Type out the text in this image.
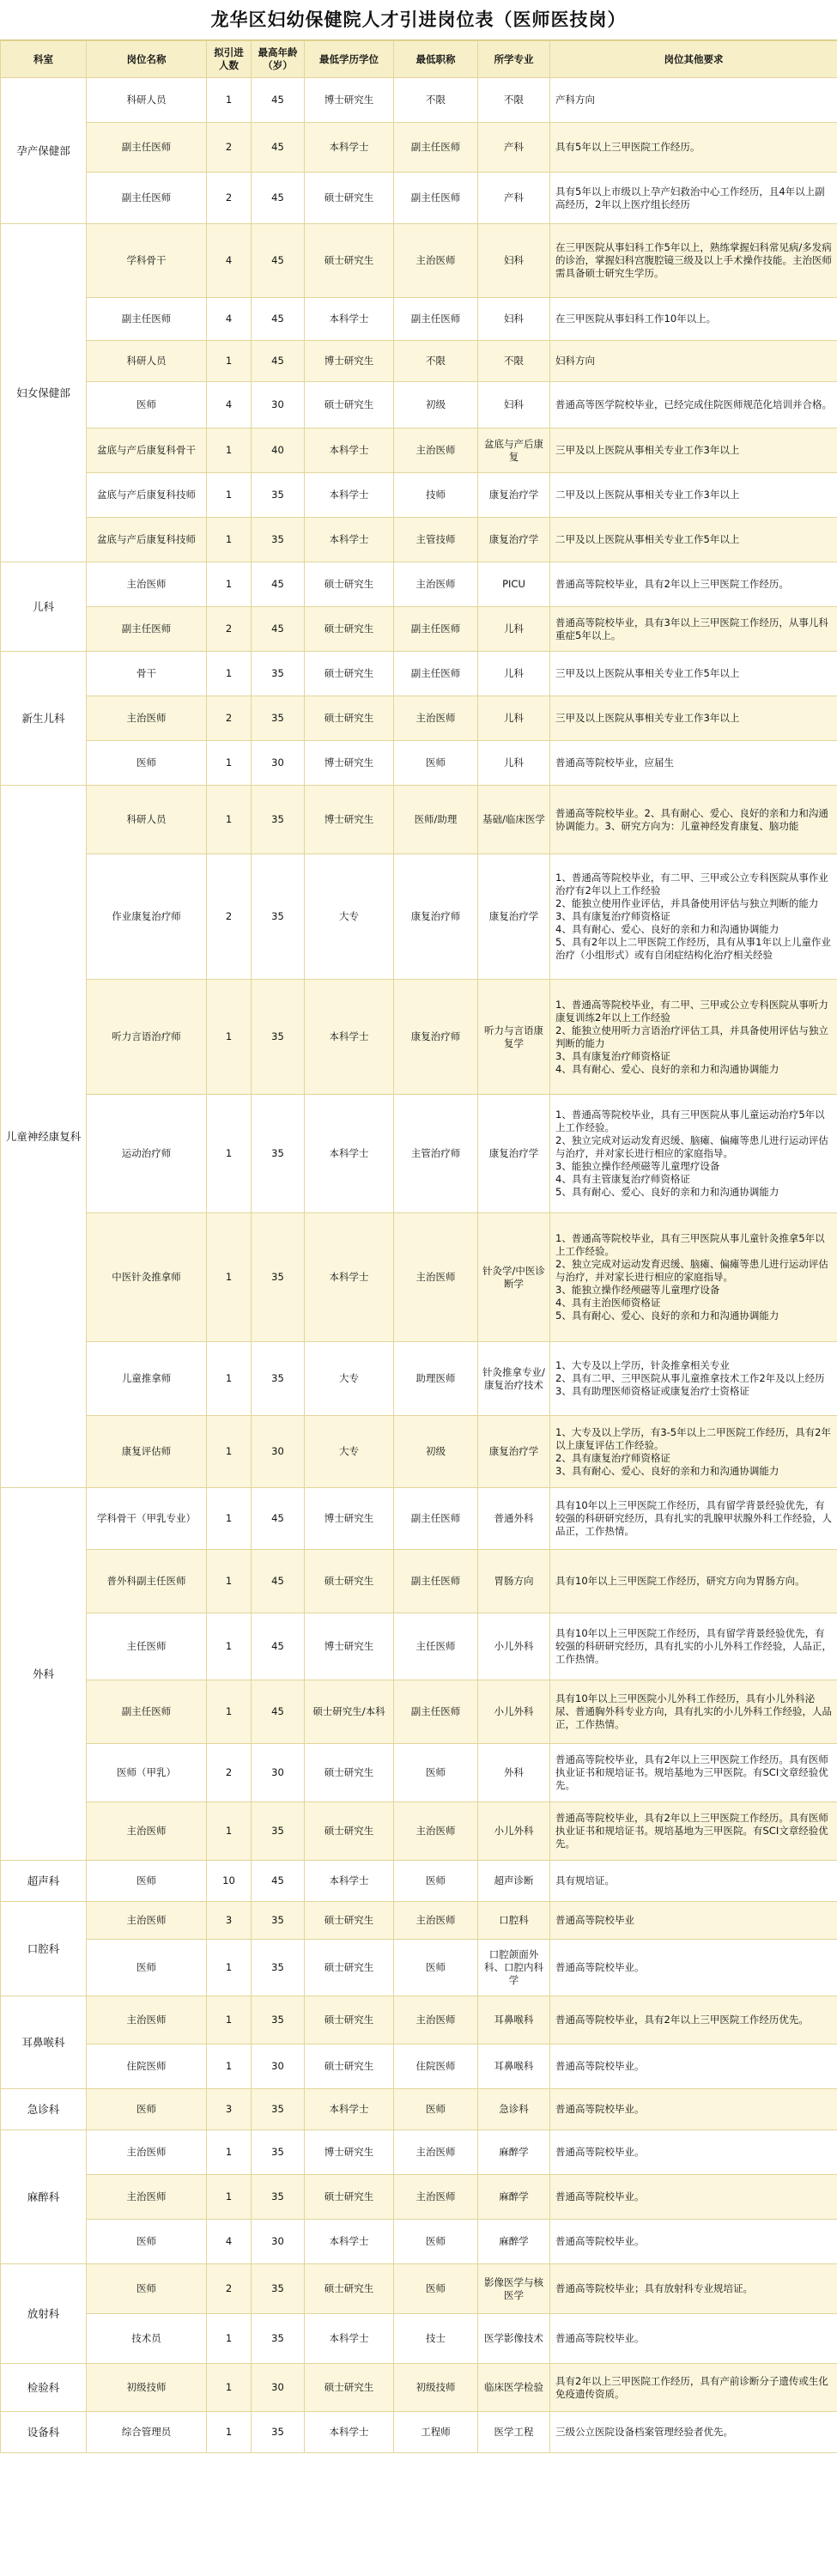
龙华区妇幼保健院人才引进岗位表（医师医技岗）
科室	岗位名称	拟引进人数	最高年龄（岁）	最低学历学位	最低职称	所学专业	岗位其他要求
孕产保健部	科研人员	1	45	博士研究生	不限	不限	产科方向
	副主任医师	2	45	本科学士	副主任医师	产科	具有5年以上三甲医院工作经历。
	副主任医师	2	45	硕士研究生	副主任医师	产科	具有5年以上市级以上孕产妇救治中心工作经历，且4年以上副高经历，2年以上医疗组长经历
妇女保健部	学科骨干	4	45	硕士研究生	主治医师	妇科	在三甲医院从事妇科工作5年以上，熟练掌握妇科常见病/多发病的诊治，掌握妇科宫腹腔镜三级及以上手术操作技能。主治医师需具备硕士研究生学历。
	副主任医师	4	45	本科学士	副主任医师	妇科	在三甲医院从事妇科工作10年以上。
	科研人员	1	45	博士研究生	不限	不限	妇科方向
	医师	4	30	硕士研究生	初级	妇科	普通高等医学院校毕业，已经完成住院医师规范化培训并合格。
	盆底与产后康复科骨干	1	40	本科学士	主治医师	盆底与产后康复	三甲及以上医院从事相关专业工作3年以上
	盆底与产后康复科技师	1	35	本科学士	技师	康复治疗学	二甲及以上医院从事相关专业工作3年以上
	盆底与产后康复科技师	1	35	本科学士	主管技师	康复治疗学	二甲及以上医院从事相关专业工作5年以上
儿科	主治医师	1	45	硕士研究生	主治医师	PICU	普通高等院校毕业，具有2年以上三甲医院工作经历。
	副主任医师	2	45	硕士研究生	副主任医师	儿科	普通高等院校毕业，具有3年以上三甲医院工作经历，从事儿科重症5年以上。
新生儿科	骨干	1	35	硕士研究生	副主任医师	儿科	三甲及以上医院从事相关专业工作5年以上
	主治医师	2	35	硕士研究生	主治医师	儿科	三甲及以上医院从事相关专业工作3年以上
	医师	1	30	博士研究生	医师	儿科	普通高等院校毕业，应届生
儿童神经康复科	科研人员	1	35	博士研究生	医师/助理	基础/临床医学	普通高等院校毕业。2、具有耐心、爱心、良好的亲和力和沟通协调能力。3、研究方向为：儿童神经发育康复、脑功能
	作业康复治疗师	2	35	大专	康复治疗师	康复治疗学	1、普通高等院校毕业，有二甲、三甲或公立专科医院从事作业治疗有2年以上工作经验
2、能独立使用作业评估，并具备使用评估与独立判断的能力
3、具有康复治疗师资格证
4、具有耐心、爱心、良好的亲和力和沟通协调能力
5、具有2年以上二甲医院工作经历，具有从事1年以上儿童作业治疗（小组形式）或有自闭症结构化治疗相关经验
	听力言语治疗师	1	35	本科学士	康复治疗师	听力与言语康复学	1、普通高等院校毕业，有二甲、三甲或公立专科医院从事听力康复训练2年以上工作经验
2、能独立使用听力言语治疗评估工具，并具备使用评估与独立判断的能力
3、具有康复治疗师资格证
4、具有耐心、爱心、良好的亲和力和沟通协调能力
	运动治疗师	1	35	本科学士	主管治疗师	康复治疗学	1、普通高等院校毕业，具有三甲医院从事儿童运动治疗5年以上工作经验。
2、独立完成对运动发育迟缓、脑瘫、偏瘫等患儿进行运动评估与治疗，并对家长进行相应的家庭指导。
3、能独立操作经颅磁等儿童理疗设备
4、具有主管康复治疗师资格证
5、具有耐心、爱心、良好的亲和力和沟通协调能力
	中医针灸推拿师	1	35	本科学士	主治医师	针灸学/中医诊断学	1、普通高等院校毕业，具有三甲医院从事儿童针灸推拿5年以上工作经验。
2、独立完成对运动发育迟缓、脑瘫、偏瘫等患儿进行运动评估与治疗，并对家长进行相应的家庭指导。
3、能独立操作经颅磁等儿童理疗设备
4、具有主治医师资格证
5、具有耐心、爱心、良好的亲和力和沟通协调能力
	儿童推拿师	1	35	大专	助理医师	针灸推拿专业/康复治疗技术	1、大专及以上学历，针灸推拿相关专业
2、具有二甲、三甲医院从事儿童推拿技术工作2年及以上经历
3、具有助理医师资格证或康复治疗士资格证
	康复评估师	1	30	大专	初级	康复治疗学	1、大专及以上学历，有3-5年以上二甲医院工作经历，具有2年以上康复评估工作经验。
2、具有康复治疗师资格证
3、具有耐心、爱心、良好的亲和力和沟通协调能力
外科	学科骨干（甲乳专业）	1	45	博士研究生	副主任医师	普通外科	具有10年以上三甲医院工作经历，具有留学背景经验优先，有较强的科研研究经历，具有扎实的乳腺甲状腺外科工作经验，人品正，工作热情。
	普外科副主任医师	1	45	硕士研究生	副主任医师	胃肠方向	具有10年以上三甲医院工作经历，研究方向为胃肠方向。
	主任医师	1	45	博士研究生	主任医师	小儿外科	具有10年以上三甲医院工作经历，具有留学背景经验优先，有较强的科研研究经历，具有扎实的小儿外科工作经验，人品正，工作热情。
	副主任医师	1	45	硕士研究生/本科	副主任医师	小儿外科	具有10年以上三甲医院小儿外科工作经历，具有小儿外科泌尿、普通胸外科专业方向，具有扎实的小儿外科工作经验，人品正，工作热情。
	医师（甲乳）	2	30	硕士研究生	医师	外科	普通高等院校毕业，具有2年以上三甲医院工作经历。具有医师执业证书和规培证书。规培基地为三甲医院。有SCI文章经验优先。
	主治医师	1	35	硕士研究生	主治医师	小儿外科	普通高等院校毕业，具有2年以上三甲医院工作经历。具有医师执业证书和规培证书。规培基地为三甲医院。有SCI文章经验优先。
超声科	医师	10	45	本科学士	医师	超声诊断	具有规培证。
口腔科	主治医师	3	35	硕士研究生	主治医师	口腔科	普通高等院校毕业
	医师	1	35	硕士研究生	医师	口腔颌面外科、口腔内科学	普通高等院校毕业。
耳鼻喉科	主治医师	1	35	硕士研究生	主治医师	耳鼻喉科	普通高等院校毕业，具有2年以上三甲医院工作经历优先。
	住院医师	1	30	硕士研究生	住院医师	耳鼻喉科	普通高等院校毕业。
急诊科	医师	3	35	本科学士	医师	急诊科	普通高等院校毕业。
麻醉科	主治医师	1	35	博士研究生	主治医师	麻醉学	普通高等院校毕业。
	主治医师	1	35	硕士研究生	主治医师	麻醉学	普通高等院校毕业。
	医师	4	30	本科学士	医师	麻醉学	普通高等院校毕业。
放射科	医师	2	35	硕士研究生	医师	影像医学与核医学	普通高等院校毕业；具有放射科专业规培证。
	技术员	1	35	本科学士	技士	医学影像技术	普通高等院校毕业。
检验科	初级技师	1	30	硕士研究生	初级技师	临床医学检验	具有2年以上三甲医院工作经历，具有产前诊断分子遗传或生化免疫遗传资质。
设备科	综合管理员	1	35	本科学士	工程师	医学工程	三级公立医院设备档案管理经验者优先。
